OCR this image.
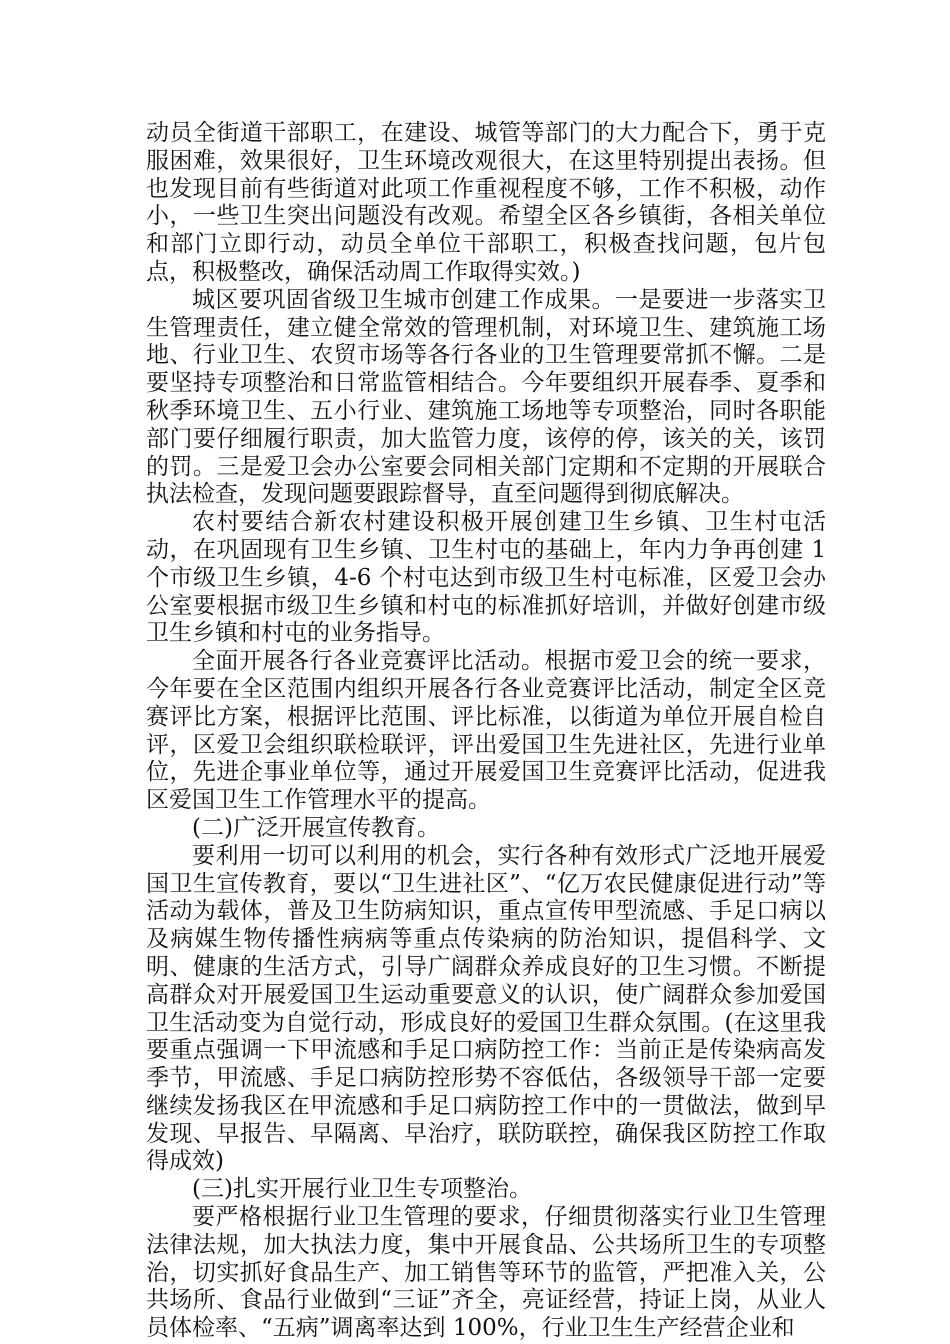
动员全街道干部职工，在建设、城管等部门的大力配合下，勇于克服困难，效果很好，卫生环境改观很大，在这里特别提出表扬。但也发现目前有些街道对此项工作重视程度不够，工作不积极，动作小，一些卫生突出问题没有改观。希望全区各乡镇街，各相关单位和部门立即行动，动员全单位干部职工，积极查找问题，包片包点，积极整改，确保活动周工作取得实效。)

城区要巩固省级卫生城市创建工作成果。一是要进一步落实卫生管理责任，建立健全常效的管理机制，对环境卫生、建筑施工场地、行业卫生、农贸市场等各行各业的卫生管理要常抓不懈。二是要坚持专项整治和日常监管相结合。今年要组织开展春季、夏季和秋季环境卫生、五小行业、建筑施工场地等专项整治，同时各职能部门要仔细履行职责，加大监管力度，该停的停，该关的关，该罚的罚。三是爱卫会办公室要会同相关部门定期和不定期的开展联合执法检查，发现问题要跟踪督导，直至问题得到彻底解决。

农村要结合新农村建设积极开展创建卫生乡镇、卫生村屯活动，在巩固现有卫生乡镇、卫生村屯的基础上，年内力争再创建 1 个市级卫生乡镇，4-6 个村屯达到市级卫生村屯标准，区爱卫会办公室要根据市级卫生乡镇和村屯的标准抓好培训，并做好创建市级卫生乡镇和村屯的业务指导。

全面开展各行各业竞赛评比活动。根据市爱卫会的统一要求，今年要在全区范围内组织开展各行各业竞赛评比活动，制定全区竞赛评比方案，根据评比范围、评比标准，以街道为单位开展自检自评，区爱卫会组织联检联评，评出爱国卫生先进社区，先进行业单位，先进企事业单位等，通过开展爱国卫生竞赛评比活动，促进我区爱国卫生工作管理水平的提高。

(二)广泛开展宣传教育。

要利用一切可以利用的机会，实行各种有效形式广泛地开展爱国卫生宣传教育，要以“卫生进社区”、“亿万农民健康促进行动”等活动为载体，普及卫生防病知识，重点宣传甲型流感、手足口病以及病媒生物传播性病病等重点传染病的防治知识，提倡科学、文明、健康的生活方式，引导广阔群众养成良好的卫生习惯。不断提高群众对开展爱国卫生运动重要意义的认识，使广阔群众参加爱国卫生活动变为自觉行动，形成良好的爱国卫生群众氛围。(在这里我要重点强调一下甲流感和手足口病防控工作：当前正是传染病高发季节，甲流感、手足口病防控形势不容低估，各级领导干部一定要继续发扬我区在甲流感和手足口病防控工作中的一贯做法，做到早发现、早报告、早隔离、早治疗，联防联控，确保我区防控工作取得成效)

(三)扎实开展行业卫生专项整治。

要严格根据行业卫生管理的要求，仔细贯彻落实行业卫生管理法律法规，加大执法力度，集中开展食品、公共场所卫生的专项整治，切实抓好食品生产、加工销售等环节的监管，严把准入关，公共场所、食品行业做到“三证”齐全，亮证经营，持证上岗，从业人员体检率、“五病”调离率达到 100%，行业卫生生产经营企业和
